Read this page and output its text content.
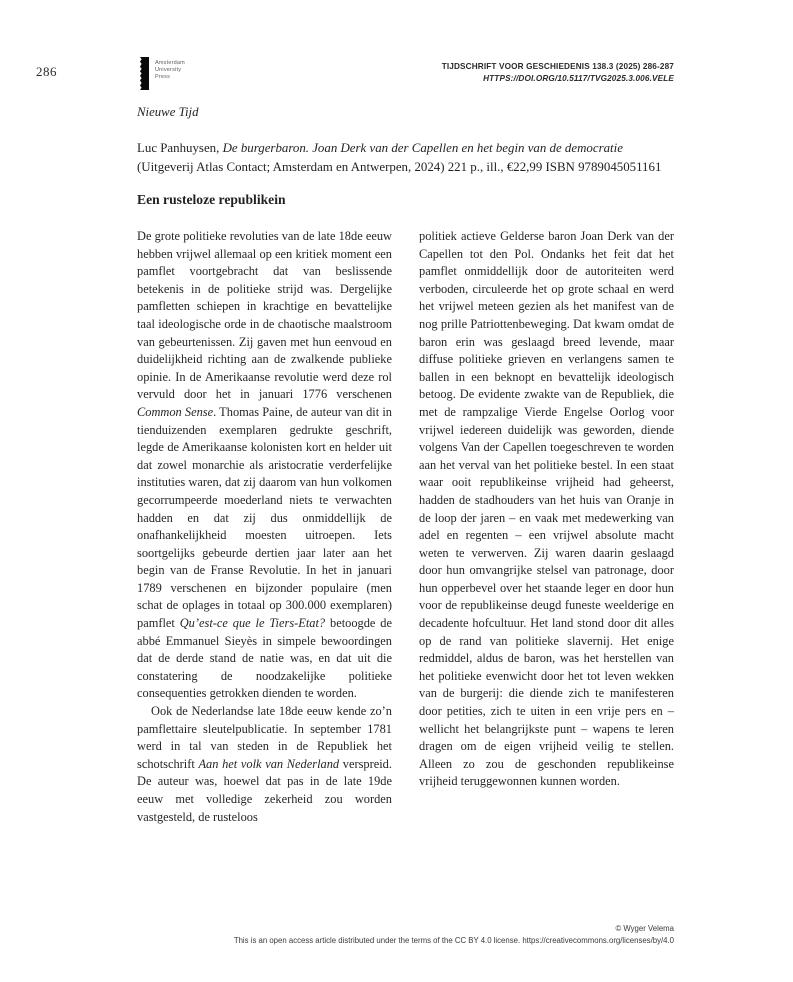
286
Amsterdam
University
Press
TIJDSCHRIFT VOOR GESCHIEDENIS 138.3 (2025) 286-287
HTTPS://DOI.ORG/10.5117/TVG2025.3.006.VELE
Nieuwe Tijd
Luc Panhuysen, De burgerbaron. Joan Derk van der Capellen en het begin van de democratie (Uitgeverij Atlas Contact; Amsterdam en Antwerpen, 2024) 221 p., ill., €22,99 ISBN 9789045051161
Een rusteloze republikein

De grote politieke revoluties van de late 18de eeuw hebben vrijwel allemaal op een kritiek moment een pamflet voortgebracht dat van beslissende betekenis in de politieke strijd was. Dergelijke pamfletten schiepen in krachtige en bevattelijke taal ideologische orde in de chaotische maalstroom van gebeurtenissen. Zij gaven met hun eenvoud en duidelijkheid richting aan de zwalkende publieke opinie. In de Amerikaanse revolutie werd deze rol vervuld door het in januari 1776 verschenen Common Sense. Thomas Paine, de auteur van dit in tienduizenden exemplaren gedrukte geschrift, legde de Amerikaanse kolonisten kort en helder uit dat zowel monarchie als aristocratie verderfelijke instituties waren, dat zij daarom van hun volkomen gecorrumpeerde moederland niets te verwachten hadden en dat zij dus onmiddellijk de onafhankelijkheid moesten uitroepen. Iets soortgelijks gebeurde dertien jaar later aan het begin van de Franse Revolutie. In het in januari 1789 verschenen en bijzonder populaire (men schat de oplages in totaal op 300.000 exemplaren) pamflet Qu’est-ce que le Tiers-Etat? betoogde de abbé Emmanuel Sieyès in simpele bewoordingen dat de derde stand de natie was, en dat uit die constatering de noodzakelijke politieke consequenties getrokken dienden te worden.

Ook de Nederlandse late 18de eeuw kende zo’n pamflettaire sleutelpublicatie. In september 1781 werd in tal van steden in de Republiek het schotschrift Aan het volk van Nederland verspreid. De auteur was, hoewel dat pas in de late 19de eeuw met volledige zekerheid zou worden vastgesteld, de rusteloos

politiek actieve Gelderse baron Joan Derk van der Capellen tot den Pol. Ondanks het feit dat het pamflet onmiddellijk door de autoriteiten werd verboden, circuleerde het op grote schaal en werd het vrijwel meteen gezien als het manifest van de nog prille Patriottenbeweging. Dat kwam omdat de baron erin was geslaagd breed levende, maar diffuse politieke grieven en verlangens samen te ballen in een beknopt en bevattelijk ideologisch betoog. De evidente zwakte van de Republiek, die met de rampzalige Vierde Engelse Oorlog voor vrijwel iedereen duidelijk was geworden, diende volgens Van der Capellen toegeschreven te worden aan het verval van het politieke bestel. In een staat waar ooit republikeinse vrijheid had geheerst, hadden de stadhouders van het huis van Oranje in de loop der jaren – en vaak met medewerking van adel en regenten – een vrijwel absolute macht weten te verwerven. Zij waren daarin geslaagd door hun omvangrijke stelsel van patronage, door hun opperbevel over het staande leger en door hun voor de republikeinse deugd funeste weelderige en decadente hofcultuur. Het land stond door dit alles op de rand van politieke slavernij. Het enige redmiddel, aldus de baron, was het herstellen van het politieke evenwicht door het tot leven wekken van de burgerij: die diende zich te manifesteren door petities, zich te uiten in een vrije pers en – wellicht het belangrijkste punt – wapens te leren dragen om de eigen vrijheid veilig te stellen. Alleen zo zou de geschonden republikeinse vrijheid teruggewonnen kunnen worden.

© Wyger Velema
This is an open access article distributed under the terms of the CC BY 4.0 license. https://creativecommons.org/licenses/by/4.0
